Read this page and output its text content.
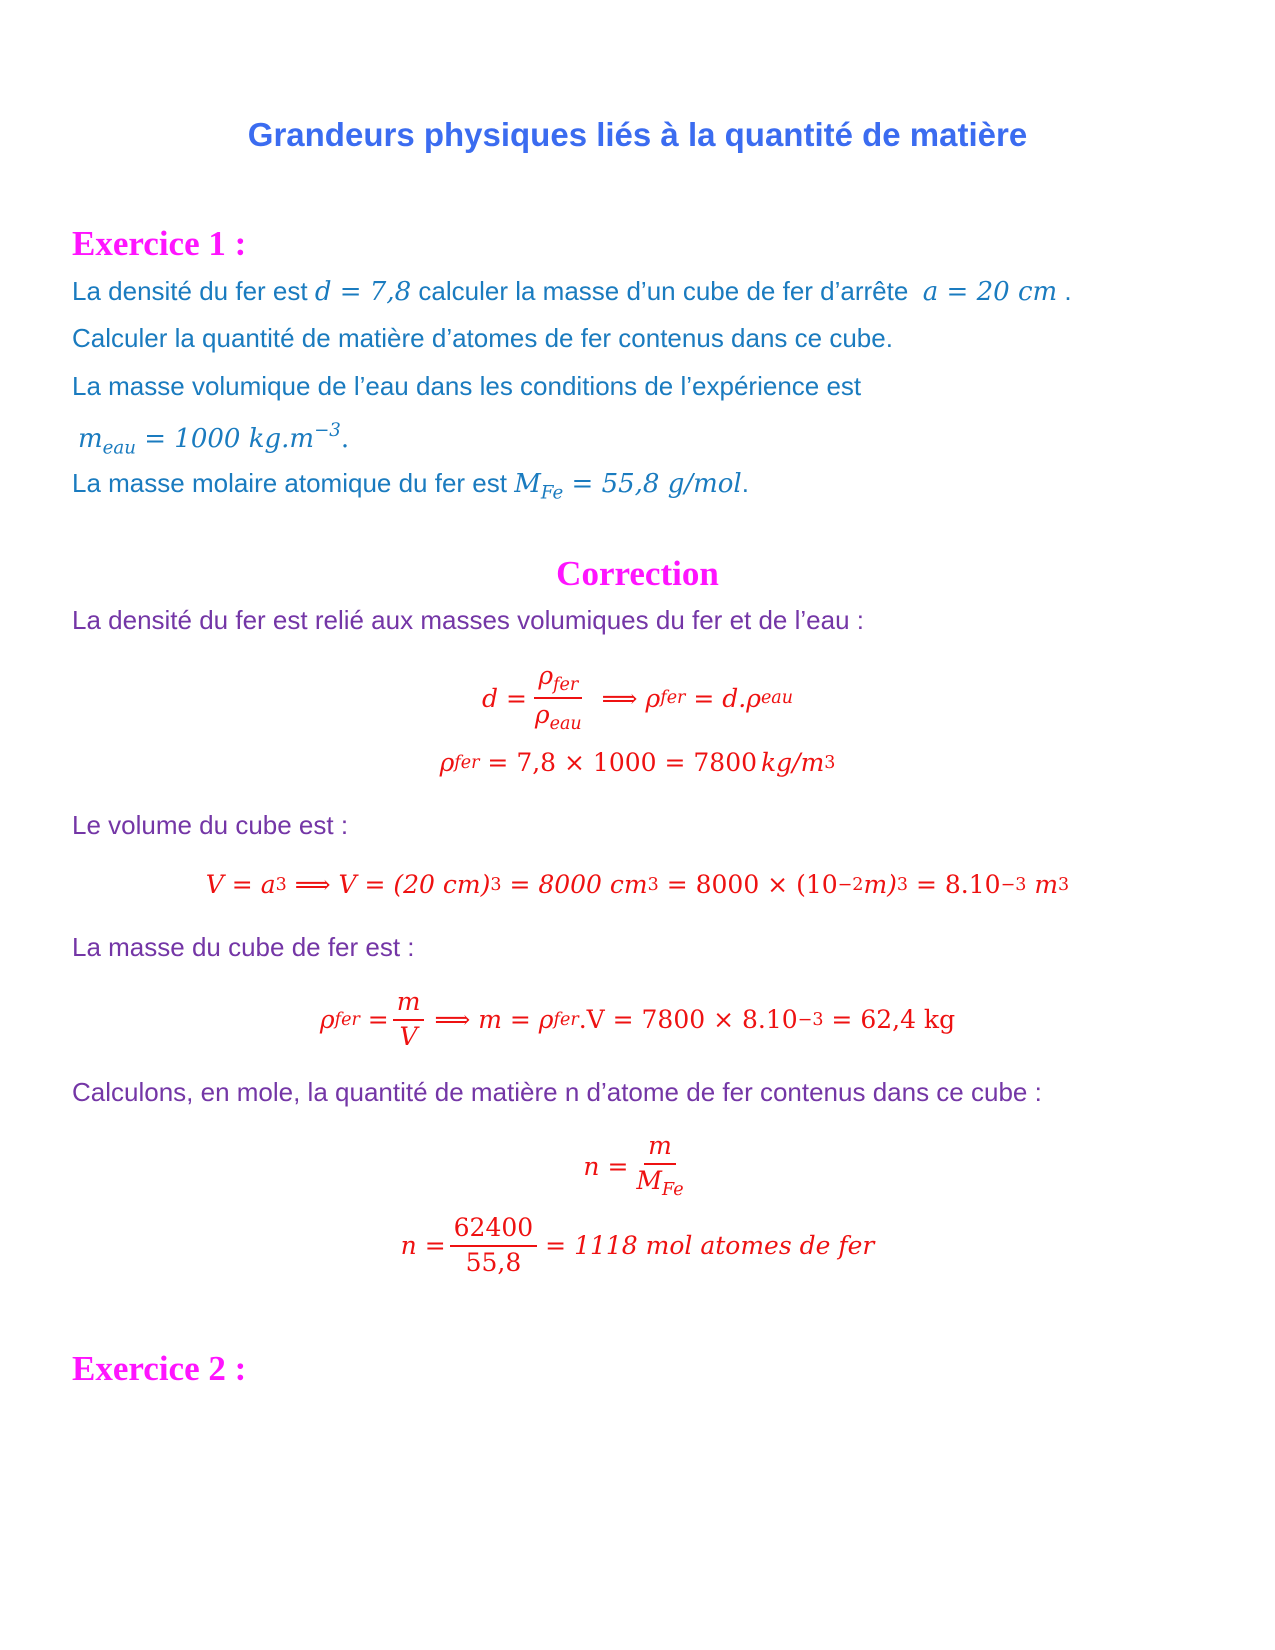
Grandeurs physiques liés à la quantité de matière
Exercice 1 :
La densité du fer est d = 7,8 calculer la masse d’un cube de fer d’arrête a = 20 cm .
Calculer la quantité de matière d’atomes de fer contenus dans ce cube.
La masse volumique de l’eau dans les conditions de l’expérience est
$m_{eau} = 1000$ $kg.m^{-3}$.
La masse molaire atomique du fer est $M_{Fe} = 55,8$ g/mol.
Correction
La densité du fer est relié aux masses volumiques du fer et de l’eau :
$d = \frac{\rho_{fer}}{\rho_{eau}}$ ⟹ ρ fer
= d. ρ eau
ρ fer
= 7,8 × 1000 = 7800 kg/m 3
Le volume du cube est :
V = a 3 ⟹ V = (20 cm) 3 = 8000 cm 3 = 8000 × (10 −2 m) 3 = 8.10 −3 m 3
La masse du cube de fer est :
ρ fer
= $\frac{m}{V}$ ⟹ m = ρ fer .V = 7800 × 8.10 −3 = 62,4 kg
Calculons, en mole, la quantité de matière n d’atome de fer contenus dans ce cube :
$n = \frac{m}{M_{Fe}}$
$n = \frac{62400}{55,8} = 1118$ mol atomes de fer
Exercice 2 :
